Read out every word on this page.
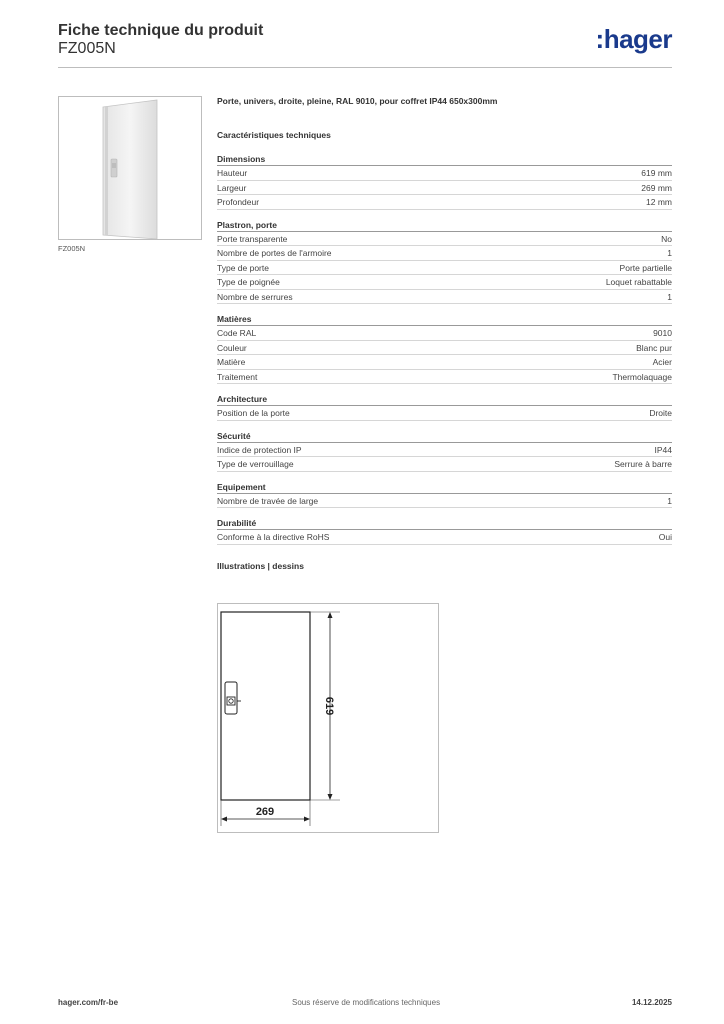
Fiche technique du produit
FZ005N	:hager
FZ005N
Porte, univers, droite, pleine, RAL 9010, pour coffret IP44 650x300mm
Caractéristiques techniques
Dimensions
Hauteur	619 mm
Largeur	269 mm
Profondeur	12 mm
Plastron, porte
Porte transparente	No
Nombre de portes de l'armoire	1
Type de porte	Porte partielle
Type de poignée	Loquet rabattable
Nombre de serrures	1
Matières
Code RAL	9010
Couleur	Blanc pur
Matière	Acier
Traitement	Thermolaquage
Architecture
Position de la porte	Droite
Sécurité
Indice de protection IP	IP44
Type de verrouillage	Serrure à barre
Equipement
Nombre de travée de large	1
Durabilité
Conforme à la directive RoHS	Oui
Illustrations | dessins
619
269
hager.com/fr-be	Sous réserve de modifications techniques	14.12.2025
